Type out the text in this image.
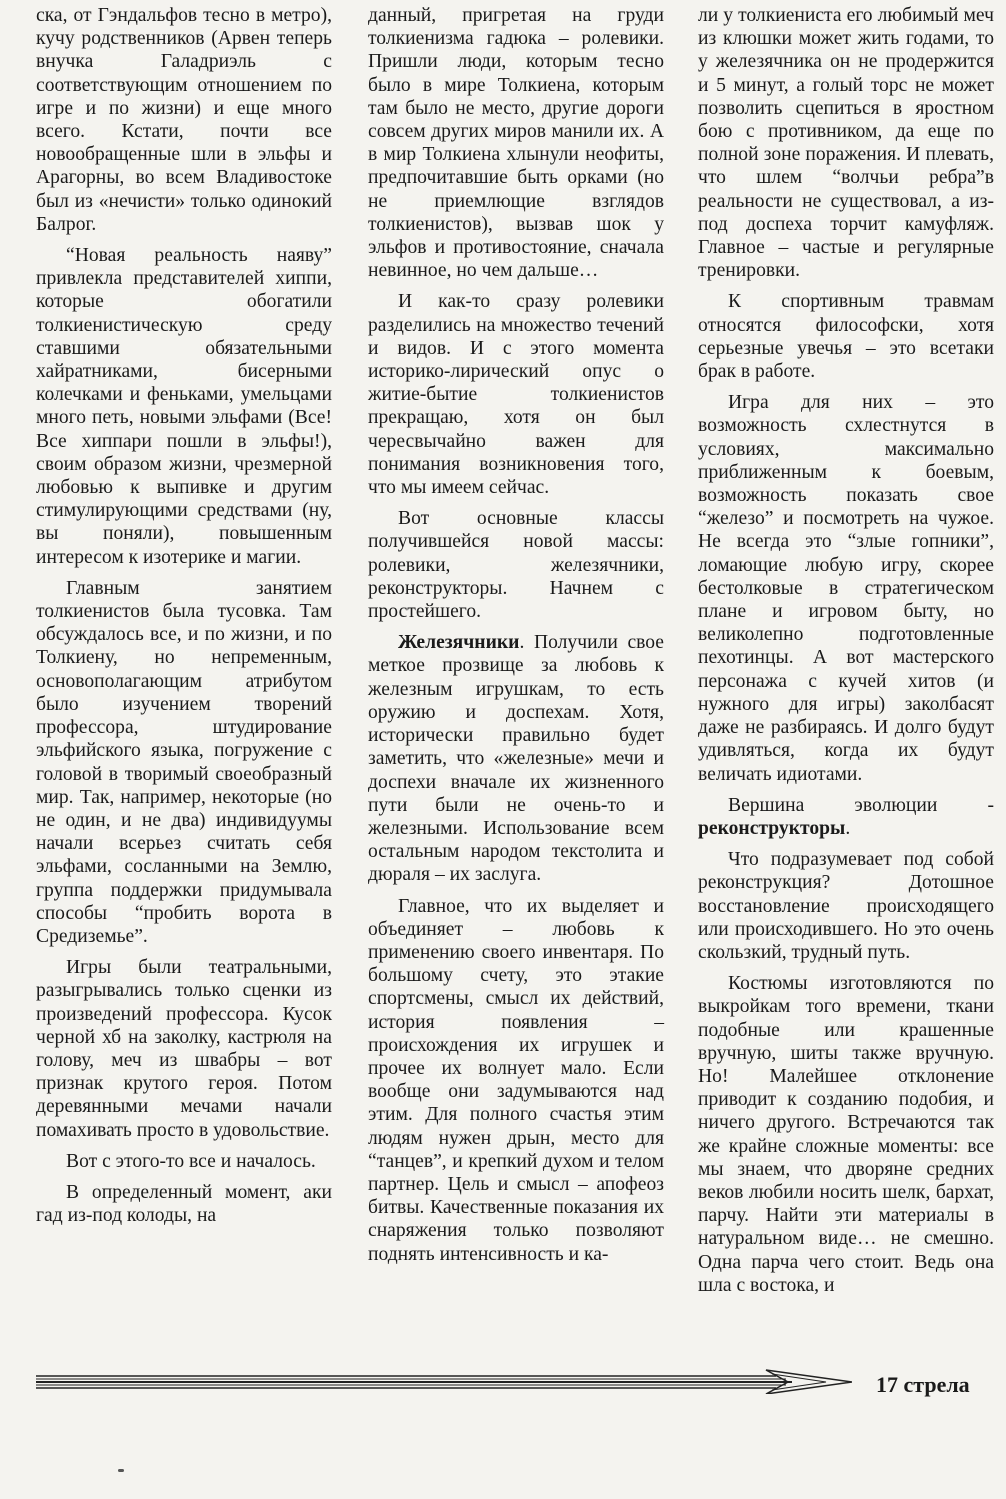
ска, от Гэндальфов тесно в метро), кучу родственников (Арвен теперь внучка Галадриэль с соответствующим отношением по игре и по жизни) и еще много всего. Кстати, почти все новообращенные шли в эльфы и Арагорны, во всем Владивостоке был из «нечисти» только одинокий Балрог.

“Новая реальность наяву” привлекла представителей хиппи, которые обогатили толкиенистическую среду ставшими обязательными хайратниками, бисерными колечками и феньками, умельцами много петь, новыми эльфами (Все! Все хиппари пошли в эльфы!), своим образом жизни, чрезмерной любовью к выпивке и другим стимулирующими средствами (ну, вы поняли), повышенным интересом к изотерике и магии.

Главным занятием толкиенистов была тусовка. Там обсуждалось все, и по жизни, и по Толкиену, но непременным, основополагающим атрибутом было изучением творений профессора, штудирование эльфийского языка, погружение с головой в творимый своеобразный мир. Так, например, некоторые (но не один, и не два) индивидуумы начали всерьез считать себя эльфами, сосланными на Землю, группа поддержки придумывала способы “пробить ворота в Средиземье”.

Игры были театральными, разыгрывались только сценки из произведений профессора. Кусок черной хб на заколку, кастрюля на голову, меч из швабры – вот признак крутого героя. Потом деревянными мечами начали помахивать просто в удовольствие.

Вот с этого-то все и началось.

В определенный момент, аки гад из-под колоды, на

данный, пригретая на груди толкиенизма гадюка – ролевики. Пришли люди, которым тесно было в мире Толкиена, которым там было не место, другие дороги совсем других миров манили их. А в мир Толкиена хлынули неофиты, предпочитавшие быть орками (но не приемлющие взглядов толкиенистов), вызвав шок у эльфов и противостояние, сначала невинное, но чем дальше…

И как-то сразу ролевики разделились на множество течений и видов. И с этого момента историко-лирический опус о житие-бытие толкиенистов прекращаю, хотя он был чересвычайно важен для понимания возникновения того, что мы имеем сейчас.

Вот основные классы получившейся новой массы: ролевики, железячники, реконструкторы. Начнем с простейшего.

Железячники. Получили свое меткое прозвище за любовь к железным игрушкам, то есть оружию и доспехам. Хотя, исторически правильно будет заметить, что «железные» мечи и доспехи вначале их жизненного пути были не очень-то и железными. Использование всем остальным народом текстолита и дюраля – их заслуга.

Главное, что их выделяет и объединяет – любовь к применению своего инвентаря. По большому счету, это этакие спортсмены, смысл их действий, история появления – происхождения их игрушек и прочее их волнует мало. Если вообще они задумываются над этим. Для полного счастья этим людям нужен дрын, место для “танцев”, и крепкий духом и телом партнер. Цель и смысл – апофеоз битвы. Качественные показания их снаряжения только позволяют поднять интенсивность и ка-

ли у толкиениста его любимый меч из клюшки может жить годами, то у железячника он не продержится и 5 минут, а голый торс не может позволить сцепиться в яростном бою с противником, да еще по полной зоне поражения. И плевать, что шлем “волчьи ребра”в реальности не существовал, а из-под доспеха торчит камуфляж. Главное – частые и регулярные тренировки.

К спортивным травмам относятся философски, хотя серьезные увечья – это всетаки брак в работе.

Игра для них – это возможность схлестнутся в условиях, максимально приближенным к боевым, возможность показать свое “железо” и посмотреть на чужое. Не всегда это “злые гопники”, ломающие любую игру, скорее бестолковые в стратегическом плане и игровом быту, но великолепно подготовленные пехотинцы. А вот мастерского персонажа с кучей хитов (и нужного для игры) заколбасят даже не разбираясь. И долго будут удивляться, когда их будут величать идиотами.

Вершина эволюции - реконструкторы.

Что подразумевает под собой реконструкция? Дотошное восстановление происходящего или происходившего. Но это очень скользкий, трудный путь.

Костюмы изготовляются по выкройкам того времени, ткани подобные или крашенные вручную, шиты также вручную. Но! Малейшее отклонение приводит к созданию подобия, и ничего другого. Встречаются так же крайне сложные моменты: все мы знаем, что дворяне средних веков любили носить шелк, бархат, парчу. Найти эти материалы в натуральном виде… не смешно. Одна парча чего стоит. Ведь она шла с востока, и

17 стрела
